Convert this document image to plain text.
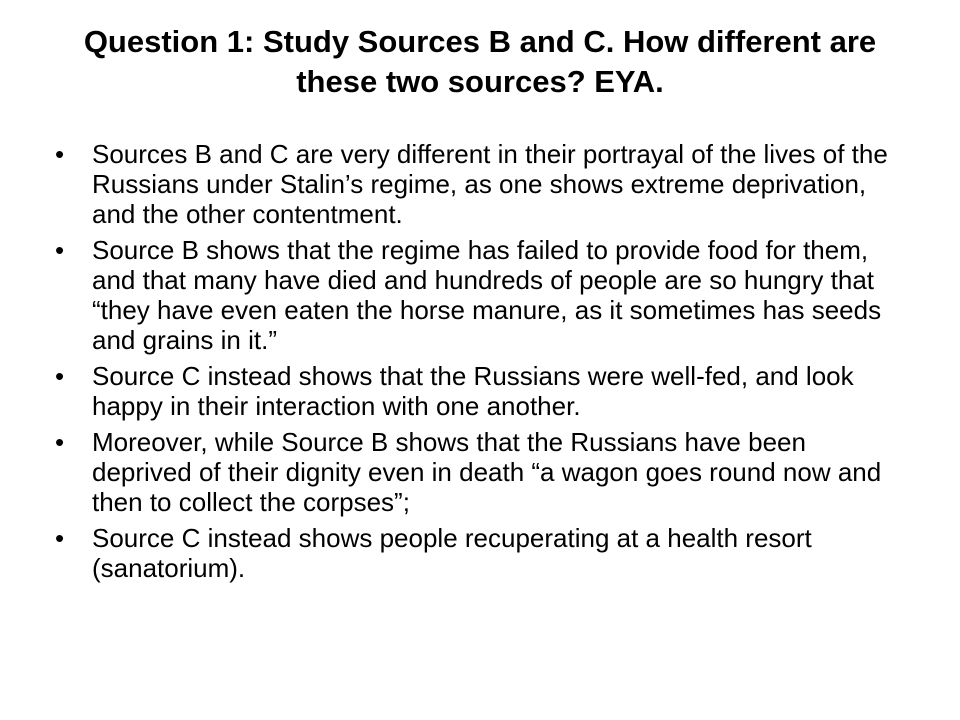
Question 1: Study Sources B and C. How different are these two sources? EYA.
•	Sources B and C are very different in their portrayal of the lives of the Russians under Stalin’s regime, as one shows extreme deprivation, and the other contentment.
•	Source B shows that the regime has failed to provide food for them, and that many have died and hundreds of people are so hungry that “they have even eaten the horse manure, as it sometimes has seeds and grains in it.”
•	Source C instead shows that the Russians were well-fed, and look happy in their interaction with one another.
•	Moreover, while Source B shows that the Russians have been deprived of their dignity even in death “a wagon goes round now and then to collect the corpses”;
•	Source C instead shows people recuperating at a health resort (sanatorium).
